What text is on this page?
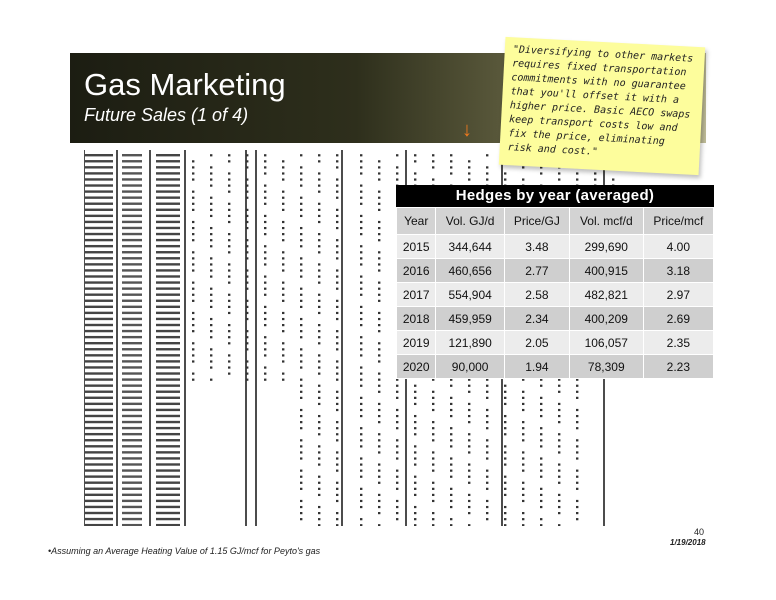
Gas Marketing
Future Sales (1 of 4)
↓
"Diversifying to other markets requires fixed transportation commitments with no guarantee that you'll offset it with a higher price. Basic AECO swaps keep transport costs low and fix the price, eliminating risk and cost."
Hedges by year (averaged)
Year	Vol. GJ/d	Price/GJ	Vol. mcf/d	Price/mcf
2015	344,644	3.48	299,690	4.00
2016	460,656	2.77	400,915	3.18
2017	554,904	2.58	482,821	2.97
2018	459,959	2.34	400,209	2.69
2019	121,890	2.05	106,057	2.35
2020	90,000	1.94	78,309	2.23
•Assuming an Average Heating Value of 1.15 GJ/mcf for Peyto's gas
40
1/19/2018
